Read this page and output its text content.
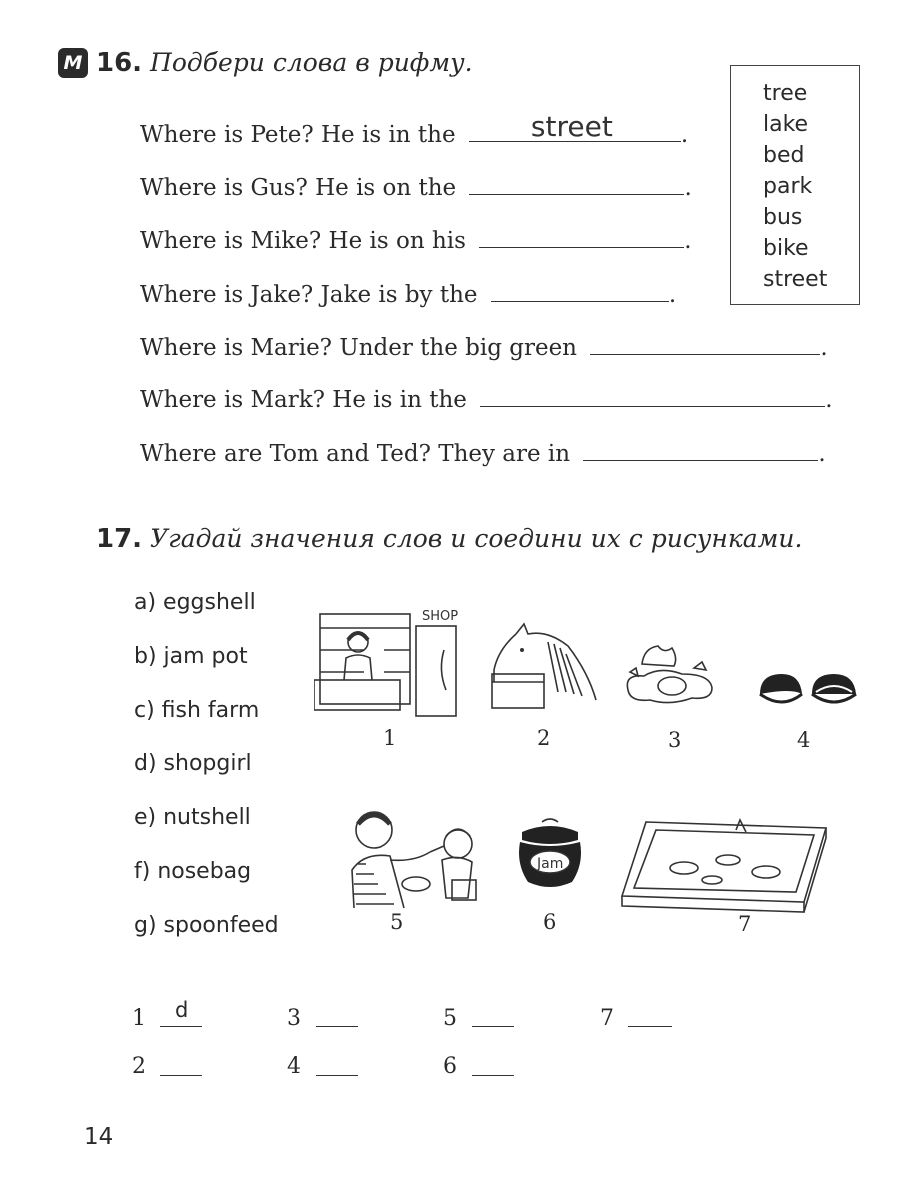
M 16. Подбери слова в рифму.
Where is Pete? He is in the	street	.
Where is Gus? He is on the	.
Where is Mike? He is on his	.
Where is Jake? Jake is by the	.
Where is Marie? Under the big green	.
Where is Mark? He is in the	.
Where are Tom and Ted? They are in	.
tree
lake
bed
park
bus
bike
street
17. Угадай значения слов и соедини их с рисунками.
a) eggshell
b) jam pot
c) fish farm
d) shopgirl
e) nutshell
f) nosebag
g) spoonfeed
SHOP
Jam
1	2	3	4
5	6	7
1 d	3	5	7
2	4	6
14
